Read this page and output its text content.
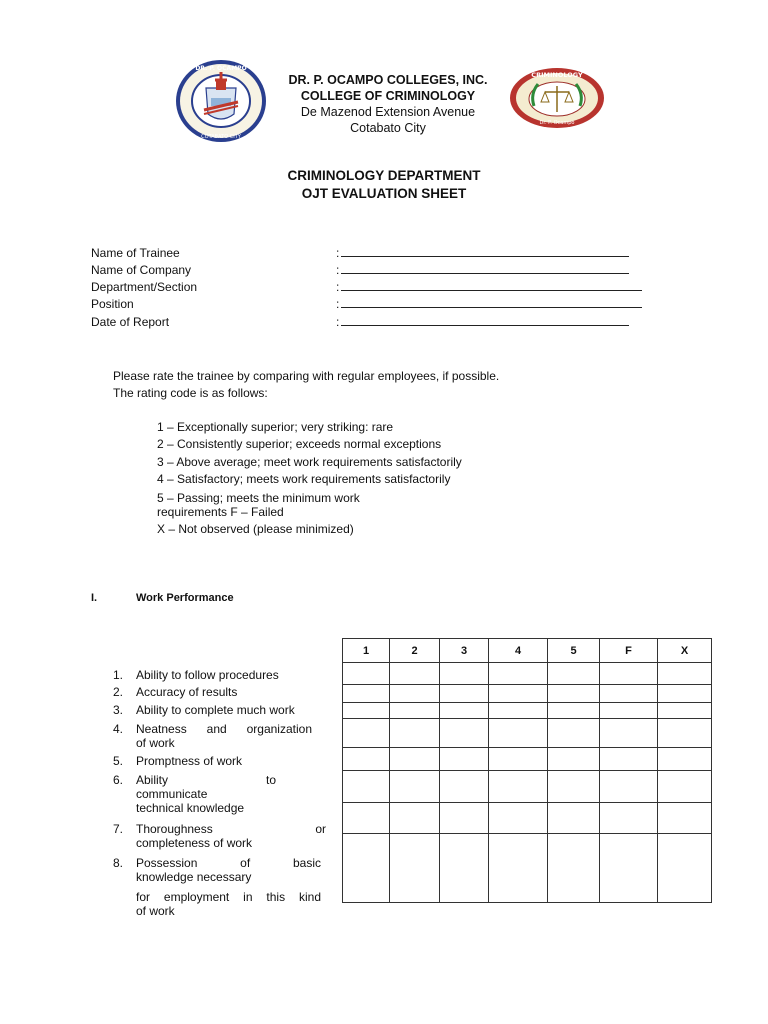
DR. P. OCAMPO
COTABATO CITY
DR. P. OCAMPO COLLEGES, INC.
COLLEGE OF CRIMINOLOGY
De Mazenod Extension Avenue
Cotabato City
CRIMINOLOGY
Dr. P. Ocampo
CRIMINOLOGY DEPARTMENT
OJT EVALUATION SHEET
Name of Trainee	:
Name of Company	:
Department/Section	:
Position	:
Date of Report	:
Please rate the trainee by comparing with regular employees, if possible.
The rating code is as follows:
1 – Exceptionally superior; very striking: rare
2 – Consistently superior; exceeds normal exceptions
3 – Above average; meet work requirements satisfactorily
4 – Satisfactory; meets work requirements satisfactorily
5 – Passing; meets the minimum work
requirements F – Failed
X – Not observed (please minimized)
I.	Work Performance
1	2	3	4	5	F	X

1.	Ability to follow procedures
2.	Accuracy of results
3.	Ability to complete much work
4.	Neatness and organization
of work
5.	Promptness of work
6.	Ability to
communicate
technical knowledge
7.	Thoroughness or
completeness of work
8.	Possession of basic
knowledge necessary
for employment in this kind
of work
